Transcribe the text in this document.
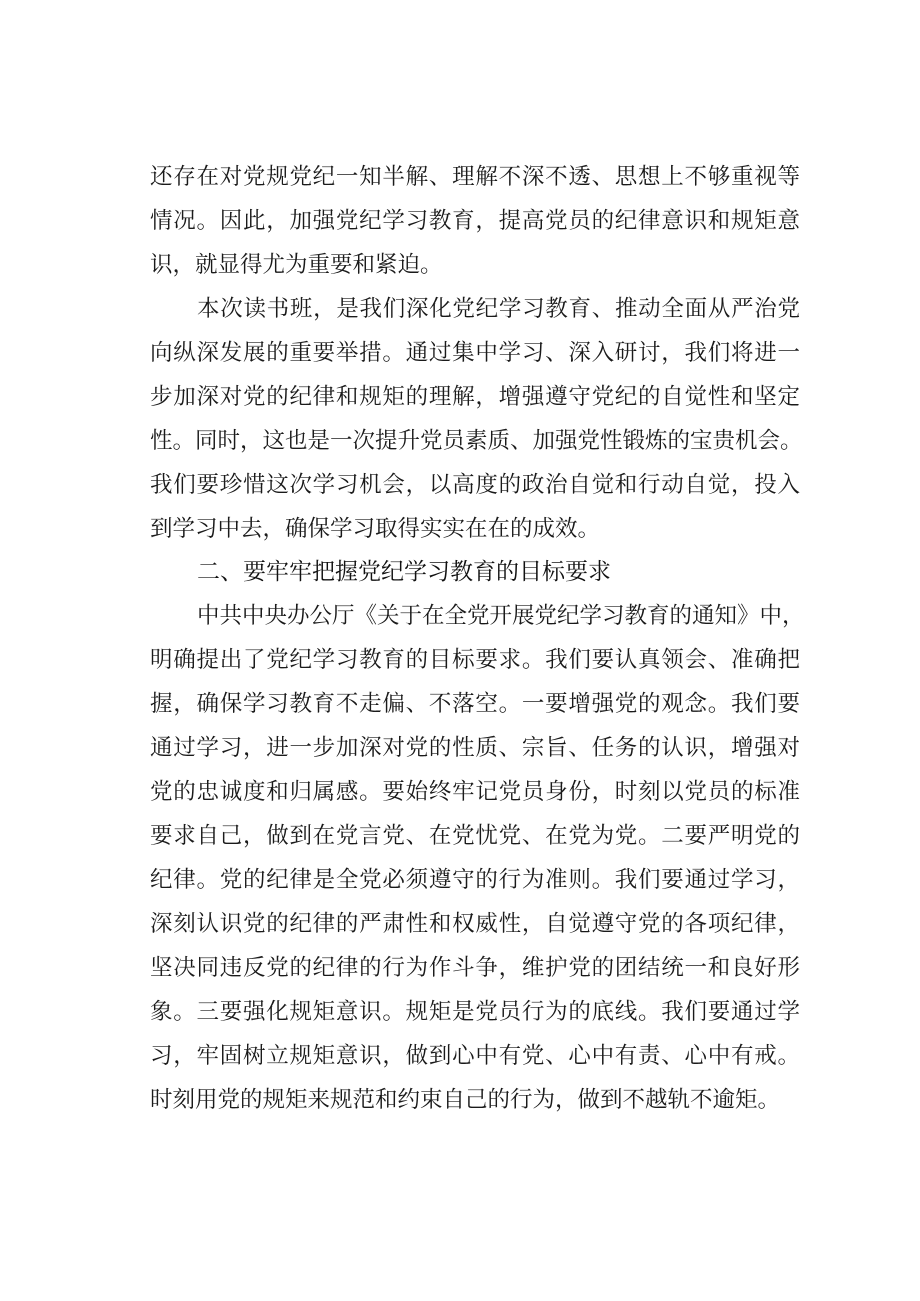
还存在对党规党纪一知半解、理解不深不透、思想上不够重视等
情况。因此，加强党纪学习教育，提高党员的纪律意识和规矩意
识，就显得尤为重要和紧迫。
本次读书班，是我们深化党纪学习教育、推动全面从严治党
向纵深发展的重要举措。通过集中学习、深入研讨，我们将进一
步加深对党的纪律和规矩的理解，增强遵守党纪的自觉性和坚定
性。同时，这也是一次提升党员素质、加强党性锻炼的宝贵机会。
我们要珍惜这次学习机会，以高度的政治自觉和行动自觉，投入
到学习中去，确保学习取得实实在在的成效。
二、要牢牢把握党纪学习教育的目标要求
中共中央办公厅《关于在全党开展党纪学习教育的通知》中，
明确提出了党纪学习教育的目标要求。我们要认真领会、准确把
握，确保学习教育不走偏、不落空。一要增强党的观念。我们要
通过学习，进一步加深对党的性质、宗旨、任务的认识，增强对
党的忠诚度和归属感。要始终牢记党员身份，时刻以党员的标准
要求自己，做到在党言党、在党忧党、在党为党。二要严明党的
纪律。党的纪律是全党必须遵守的行为准则。我们要通过学习，
深刻认识党的纪律的严肃性和权威性，自觉遵守党的各项纪律，
坚决同违反党的纪律的行为作斗争，维护党的团结统一和良好形
象。三要强化规矩意识。规矩是党员行为的底线。我们要通过学
习，牢固树立规矩意识，做到心中有党、心中有责、心中有戒。
时刻用党的规矩来规范和约束自己的行为，做到不越轨不逾矩。
